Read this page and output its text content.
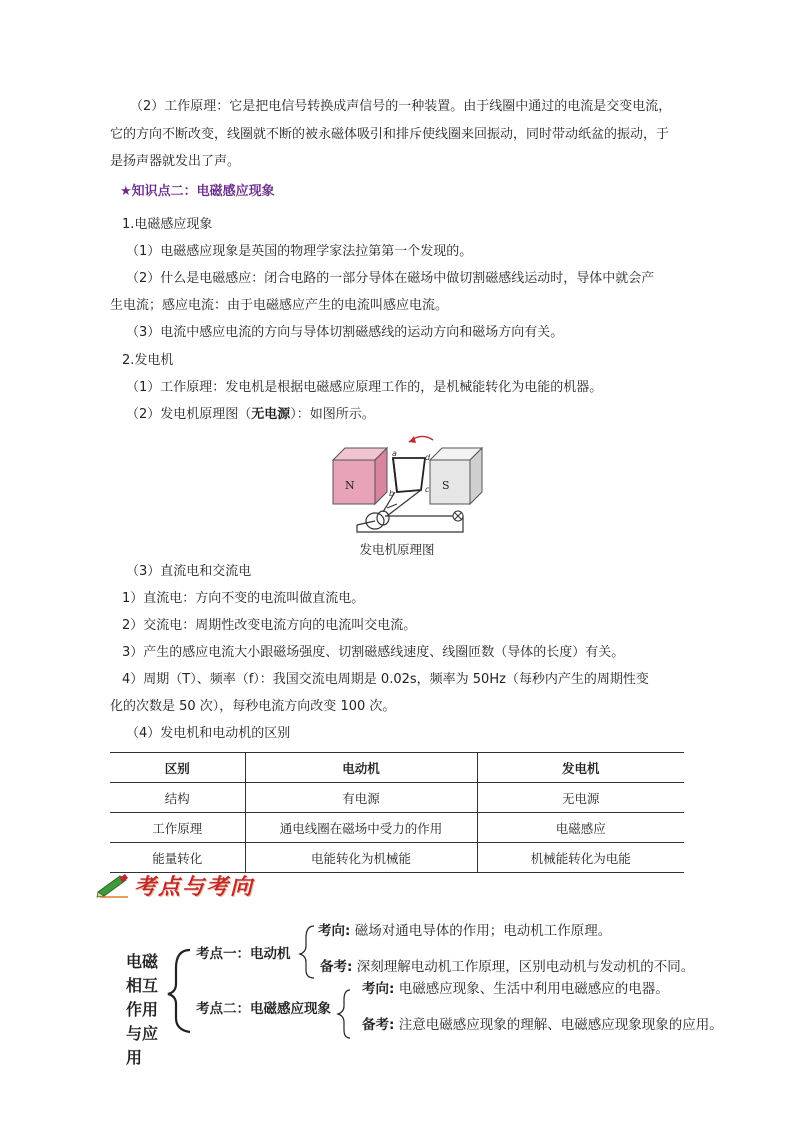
（2）工作原理：它是把电信号转换成声信号的一种装置。由于线圈中通过的电流是交变电流，
它的方向不断改变，线圈就不断的被永磁体吸引和排斥使线圈来回振动，同时带动纸盆的振动，于
是扬声器就发出了声。
★知识点二：电磁感应现象
1.电磁感应现象
（1）电磁感应现象是英国的物理学家法拉第第一个发现的。
（2）什么是电磁感应：闭合电路的一部分导体在磁场中做切割磁感线运动时，导体中就会产
生电流；感应电流：由于电磁感应产生的电流叫感应电流。
（3）电流中感应电流的方向与导体切割磁感线的运动方向和磁场方向有关。
2.发电机
（1）工作原理：发电机是根据电磁感应原理工作的，是机械能转化为电能的机器。
（2）发电机原理图（无电源）：如图所示。
N	S
a
b	c
d
发电机原理图
（3）直流电和交流电
1）直流电：方向不变的电流叫做直流电。
2）交流电：周期性改变电流方向的电流叫交电流。
3）产生的感应电流大小跟磁场强度、切割磁感线速度、线圈匝数（导体的长度）有关。
4）周期（T）、频率（f）：我国交流电周期是 0.02s，频率为 50Hz（每秒内产生的周期性变
化的次数是 50 次），每秒电流方向改变 100 次。
（4）发电机和电动机的区别
区别	电动机	发电机
结构	有电源	无电源
工作原理	通电线圈在磁场中受力的作用	电磁感应
能量转化	电能转化为机械能	机械能转化为电能
考点与考向
电磁
相互
作用
与应
用
考点一：电动机
考向: 磁场对通电导体的作用；电动机工作原理。
备考: 深刻理解电动机工作原理，区别电动机与发动机的不同。
考点二：电磁感应现象
考向: 电磁感应现象、生活中利用电磁感应的电器。
备考: 注意电磁感应现象的理解、电磁感应现象现象的应用。
